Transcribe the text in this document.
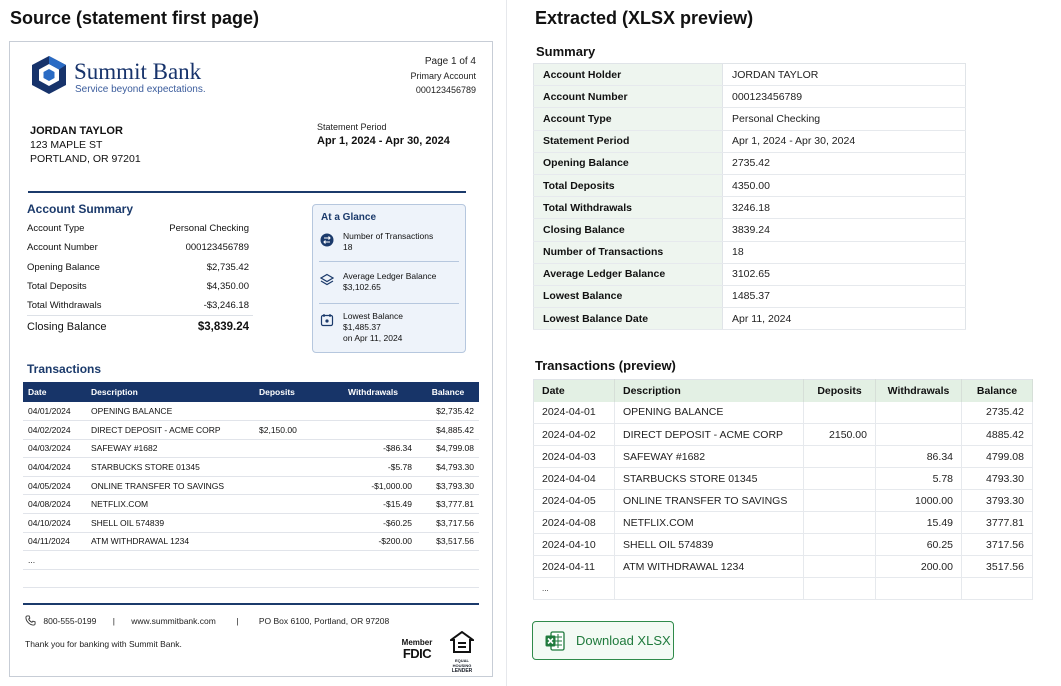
Source (statement first page)
Summit Bank
Service beyond expectations.
Page 1 of 4
Primary Account
000123456789
JORDAN TAYLOR
123 MAPLE ST
PORTLAND, OR 97201
Statement Period
Apr 1, 2024 - Apr 30, 2024
Account Summary
Account Type	Personal Checking
Account Number	000123456789
Opening Balance	$2,735.42
Total Deposits	$4,350.00
Total Withdrawals	-$3,246.18
Closing Balance	$3,839.24
At a Glance
Number of Transactions
18
Average Ledger Balance
$3,102.65
Lowest Balance
$1,485.37
on Apr 11, 2024
Transactions
Date	Description	Deposits	Withdrawals	Balance
04/01/2024	OPENING BALANCE			$2,735.42
04/02/2024	DIRECT DEPOSIT - ACME CORP	$2,150.00		$4,885.42
04/03/2024	SAFEWAY #1682		-$86.34	$4,799.08
04/04/2024	STARBUCKS STORE 01345		-$5.78	$4,793.30
04/05/2024	ONLINE TRANSFER TO SAVINGS		-$1,000.00	$3,793.30
04/08/2024	NETFLIX.COM		-$15.49	$3,777.81
04/10/2024	SHELL OIL 574839		-$60.25	$3,717.56
04/11/2024	ATM WITHDRAWAL 1234		-$200.00	$3,517.56
...				

800-555-0199 | www.summitbank.com | PO Box 6100, Portland, OR 97208
Thank you for banking with Summit Bank.	Member
FDIC	EQUAL HOUSING
LENDER
Extracted (XLSX preview)
Summary
Account Holder	JORDAN TAYLOR
Account Number	000123456789
Account Type	Personal Checking
Statement Period	Apr 1, 2024 - Apr 30, 2024
Opening Balance	2735.42
Total Deposits	4350.00
Total Withdrawals	3246.18
Closing Balance	3839.24
Number of Transactions	18
Average Ledger Balance	3102.65
Lowest Balance	1485.37
Lowest Balance Date	Apr 11, 2024
Transactions (preview)
Date	Description	Deposits	Withdrawals	Balance
2024-04-01	OPENING BALANCE			2735.42
2024-04-02	DIRECT DEPOSIT - ACME CORP	2150.00		4885.42
2024-04-03	SAFEWAY #1682		86.34	4799.08
2024-04-04	STARBUCKS STORE 01345		5.78	4793.30
2024-04-05	ONLINE TRANSFER TO SAVINGS		1000.00	3793.30
2024-04-08	NETFLIX.COM		15.49	3777.81
2024-04-10	SHELL OIL 574839		60.25	3717.56
2024-04-11	ATM WITHDRAWAL 1234		200.00	3517.56
...				
Download XLSX
